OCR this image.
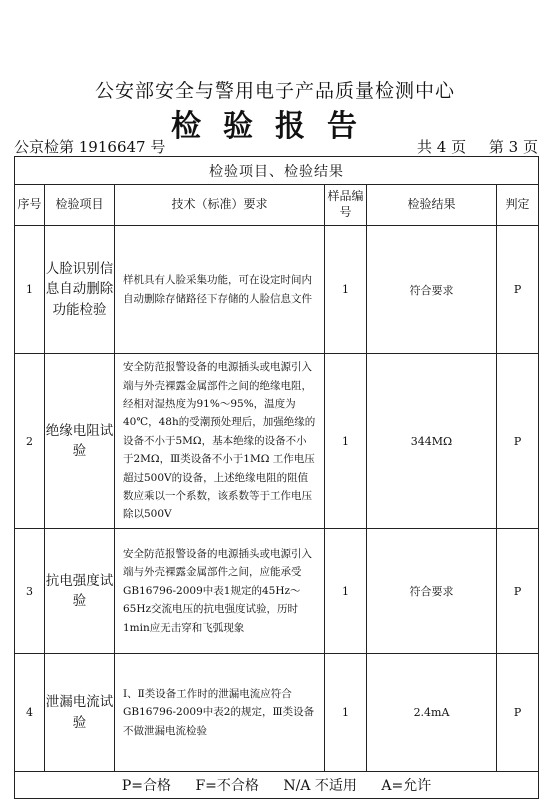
公安部安全与警用电子产品质量检测中心
检验报告
公京检第 1916647 号	共 4 页 第 3 页
检验项目、检验结果					
序号	检验项目	技术（标准）要求	样品编号	检验结果	判定
1	人脸识别信息自动删除功能检验	样机具有人脸采集功能，可在设定时间内自动删除存储路径下存储的人脸信息文件	1	符合要求	P
2	绝缘电阻试验	安全防范报警设备的电源插头或电源引入端与外壳裸露金属部件之间的绝缘电阻，经相对湿热度为91%～95%，温度为40℃，48h的受潮预处理后，加强绝缘的设备不小于5MΩ，基本绝缘的设备不小于2MΩ，Ⅲ类设备不小于1MΩ 工作电压超过500V的设备，上述绝缘电阻的阻值数应乘以一个系数，该系数等于工作电压除以500V	1	344MΩ	P
3	抗电强度试验	安全防范报警设备的电源插头或电源引入端与外壳裸露金属部件之间，应能承受GB16796-2009中表1规定的45Hz～65Hz交流电压的抗电强度试验，历时1min应无击穿和飞弧现象	1	符合要求	P
4	泄漏电流试验	Ⅰ、Ⅱ类设备工作时的泄漏电流应符合GB16796-2009中表2的规定，Ⅲ类设备不做泄漏电流检验	1	2.4mA	P
P=合格 F=不合格 N/A 不适用 A=允许					
